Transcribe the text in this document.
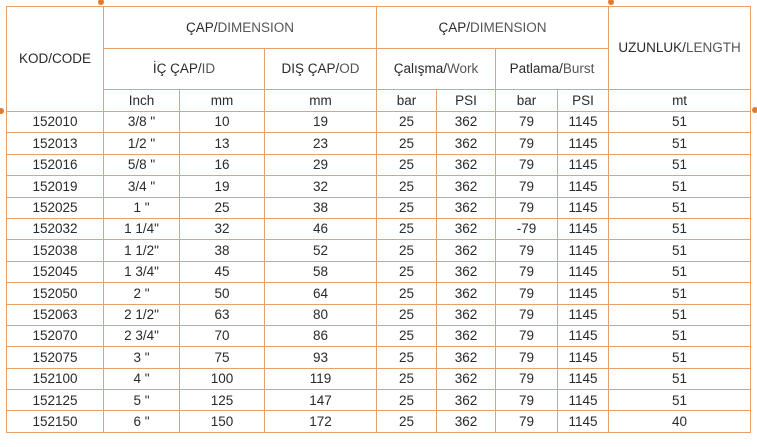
KOD/CODE	ÇAP/DIMENSION			ÇAP/DIMENSION				UZUNLUK/LENGTH
	İÇ ÇAP/ID		DIŞ ÇAP/OD	Çalışma/Work		Patlama/Burst		
	Inch	mm	mm	bar	PSI	bar	PSI	mt
152010	3/8 "	10	19	25	362	79	1145	51
152013	1/2 "	13	23	25	362	79	1145	51
152016	5/8 "	16	29	25	362	79	1145	51
152019	3/4 "	19	32	25	362	79	1145	51
152025	1 "	25	38	25	362	79	1145	51
152032	1 1/4"	32	46	25	362	-79	1145	51
152038	1 1/2"	38	52	25	362	79	1145	51
152045	1 3/4"	45	58	25	362	79	1145	51
152050	2 "	50	64	25	362	79	1145	51
152063	2 1/2"	63	80	25	362	79	1145	51
152070	2 3/4"	70	86	25	362	79	1145	51
152075	3 "	75	93	25	362	79	1145	51
152100	4 "	100	119	25	362	79	1145	51
152125	5 "	125	147	25	362	79	1145	51
152150	6 "	150	172	25	362	79	1145	40
